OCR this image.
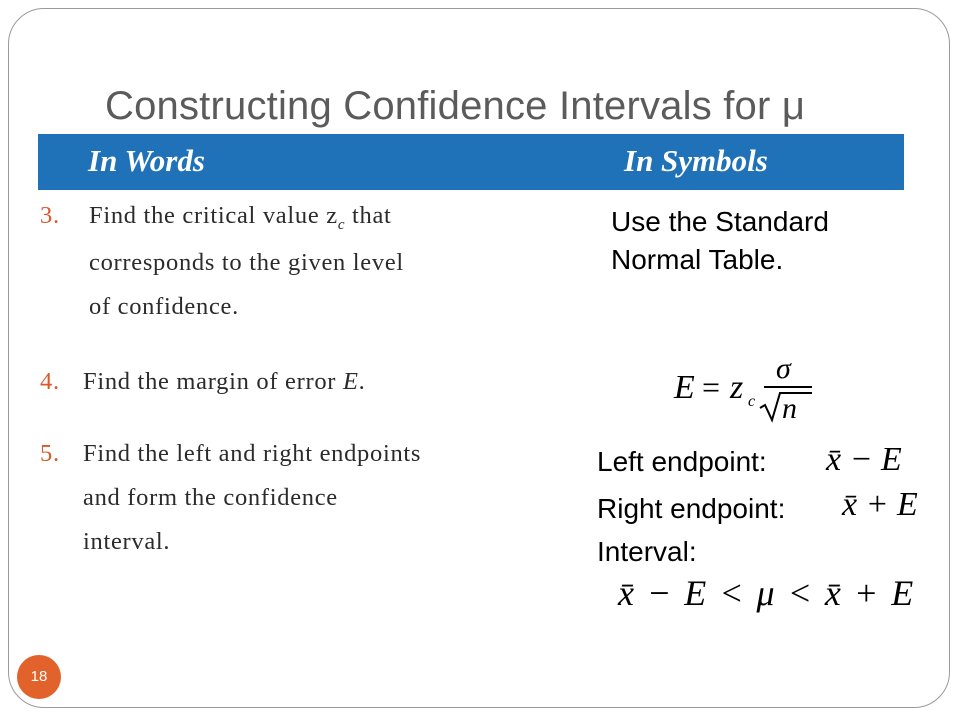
Constructing Confidence Intervals for μ
In Words	In Symbols
3. Find the critical value $z_c$ that
corresponds to the given level
of confidence.
4. Find the margin of error E.
5. Find the left and right endpoints
and form the confidence
interval.
Use the Standard
Normal Table.
E = z c
σ
n
Left endpoint: x̄ − E
Right endpoint: x̄ + E
Interval:
x̄ − E < μ < x̄ + E
18
